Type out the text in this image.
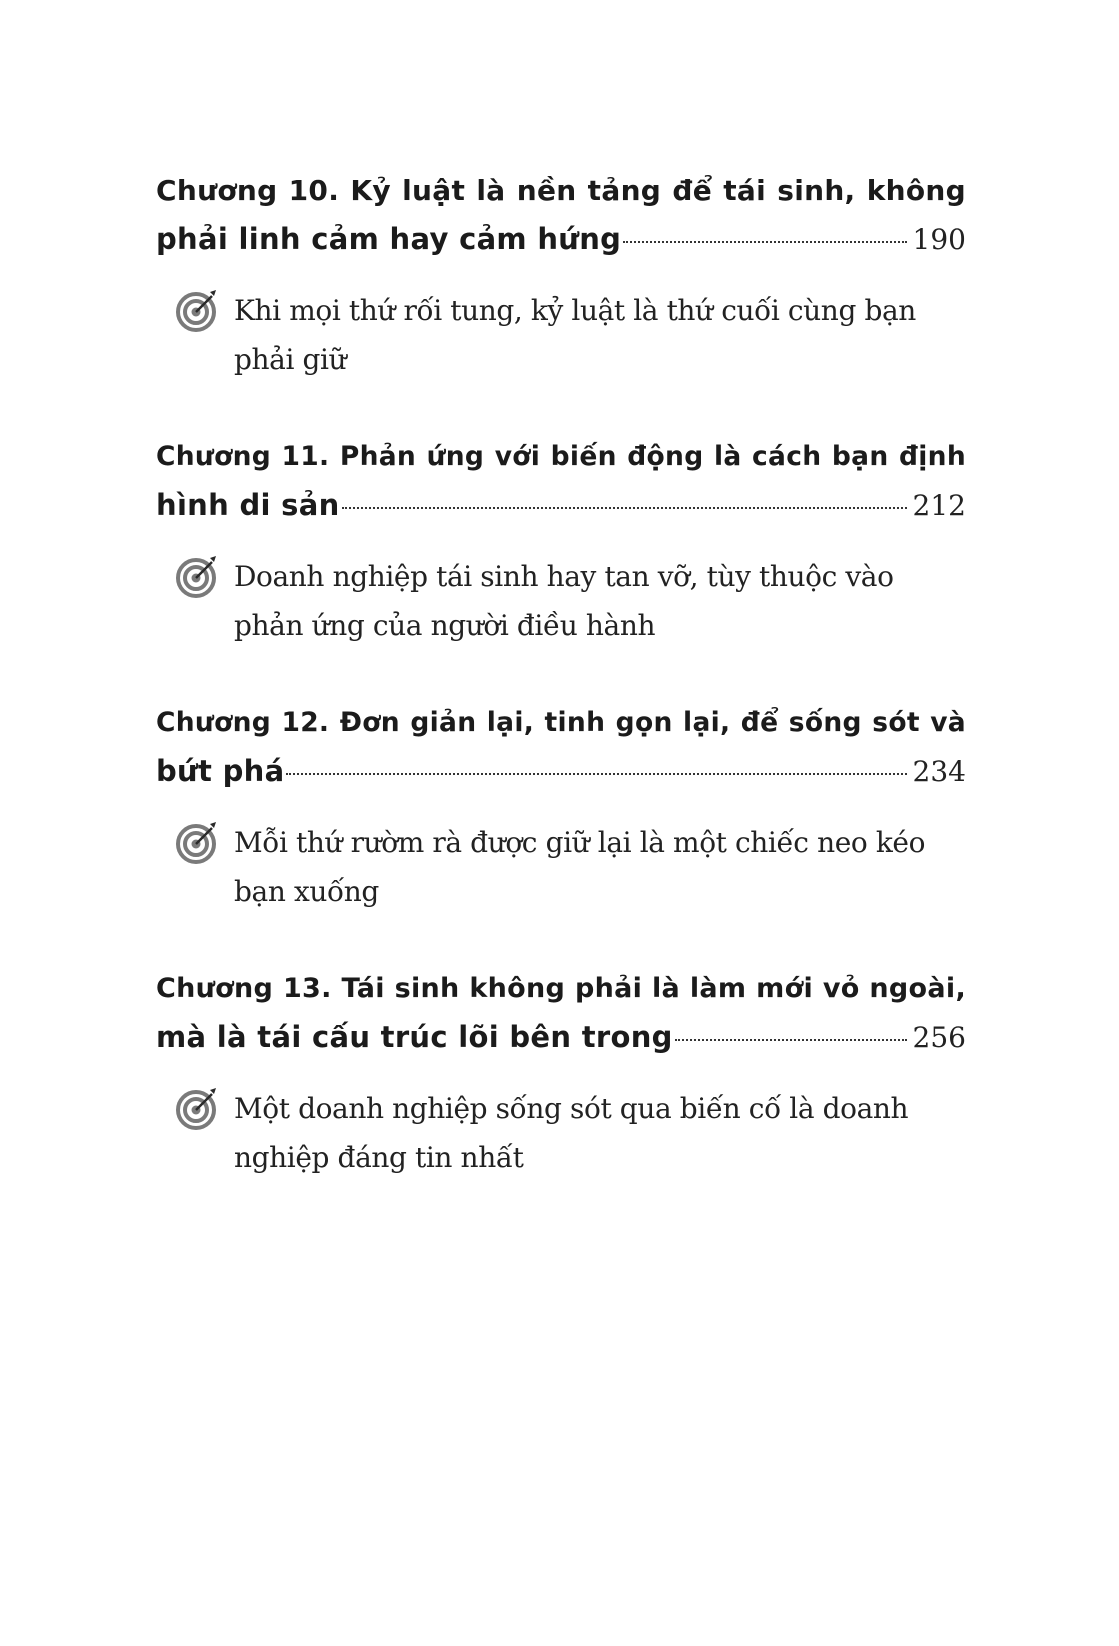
Chương 10. Kỷ luật là nền tảng để tái sinh, không
phải linh cảm hay cảm hứng	190
Khi mọi thứ rối tung, kỷ luật là thứ cuối cùng bạn phải giữ
Chương 11. Phản ứng với biến động là cách bạn định
hình di sản	212
Doanh nghiệp tái sinh hay tan vỡ, tùy thuộc vào phản ứng của người điều hành
Chương 12. Đơn giản lại, tinh gọn lại, để sống sót và
bứt phá	234
Mỗi thứ rườm rà được giữ lại là một chiếc neo kéo bạn xuống
Chương 13. Tái sinh không phải là làm mới vỏ ngoài,
mà là tái cấu trúc lõi bên trong	256
Một doanh nghiệp sống sót qua biến cố là doanh nghiệp đáng tin nhất
